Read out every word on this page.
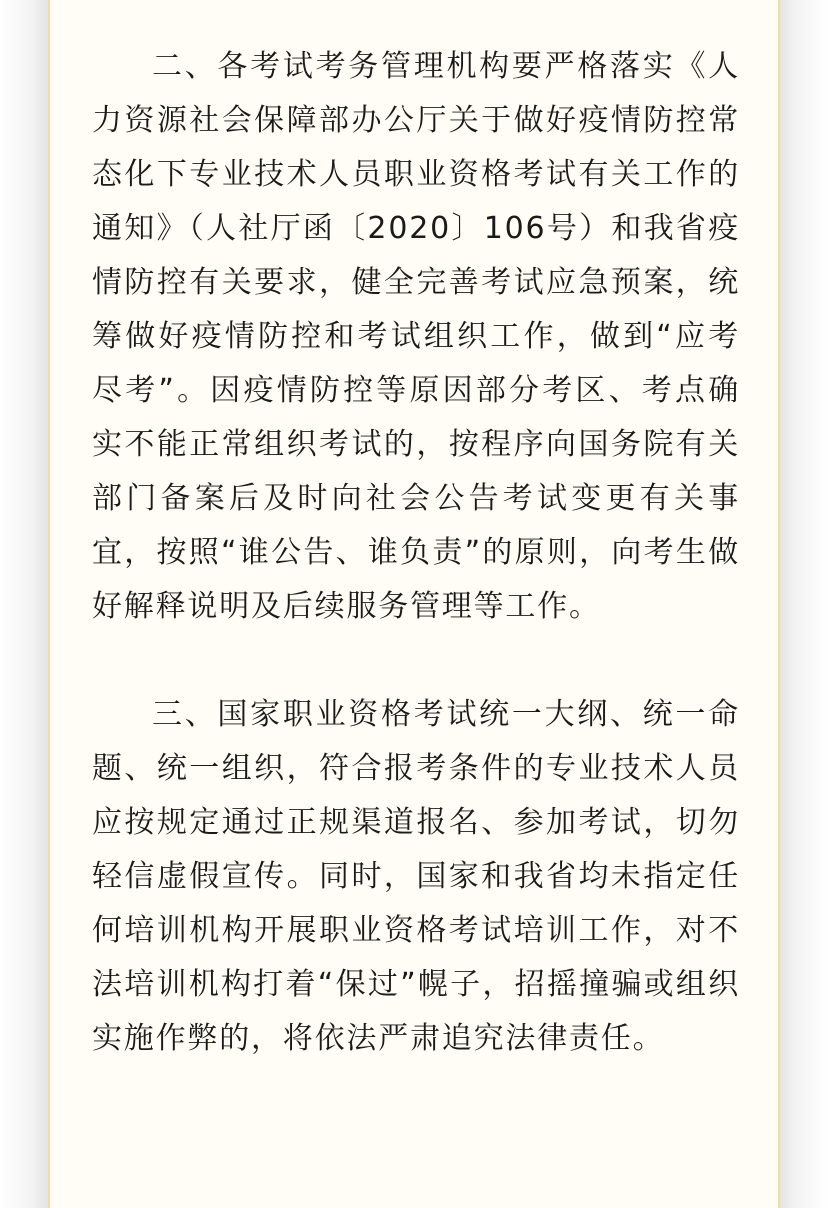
二、各考试考务管理机构要严格落实《人力资源社会保障部办公厅关于做好疫情防控常态化下专业技术人员职业资格考试有关工作的通知》（人社厅函〔2020〕106号）和我省疫情防控有关要求，健全完善考试应急预案，统筹做好疫情防控和考试组织工作，做到“应考尽考”。因疫情防控等原因部分考区、考点确实不能正常组织考试的，按程序向国务院有关部门备案后及时向社会公告考试变更有关事宜，按照“谁公告、谁负责”的原则，向考生做好解释说明及后续服务管理等工作。

三、国家职业资格考试统一大纲、统一命题、统一组织，符合报考条件的专业技术人员应按规定通过正规渠道报名、参加考试，切勿轻信虚假宣传。同时，国家和我省均未指定任何培训机构开展职业资格考试培训工作，对不法培训机构打着“保过”幌子，招摇撞骗或组织实施作弊的，将依法严肃追究法律责任。
